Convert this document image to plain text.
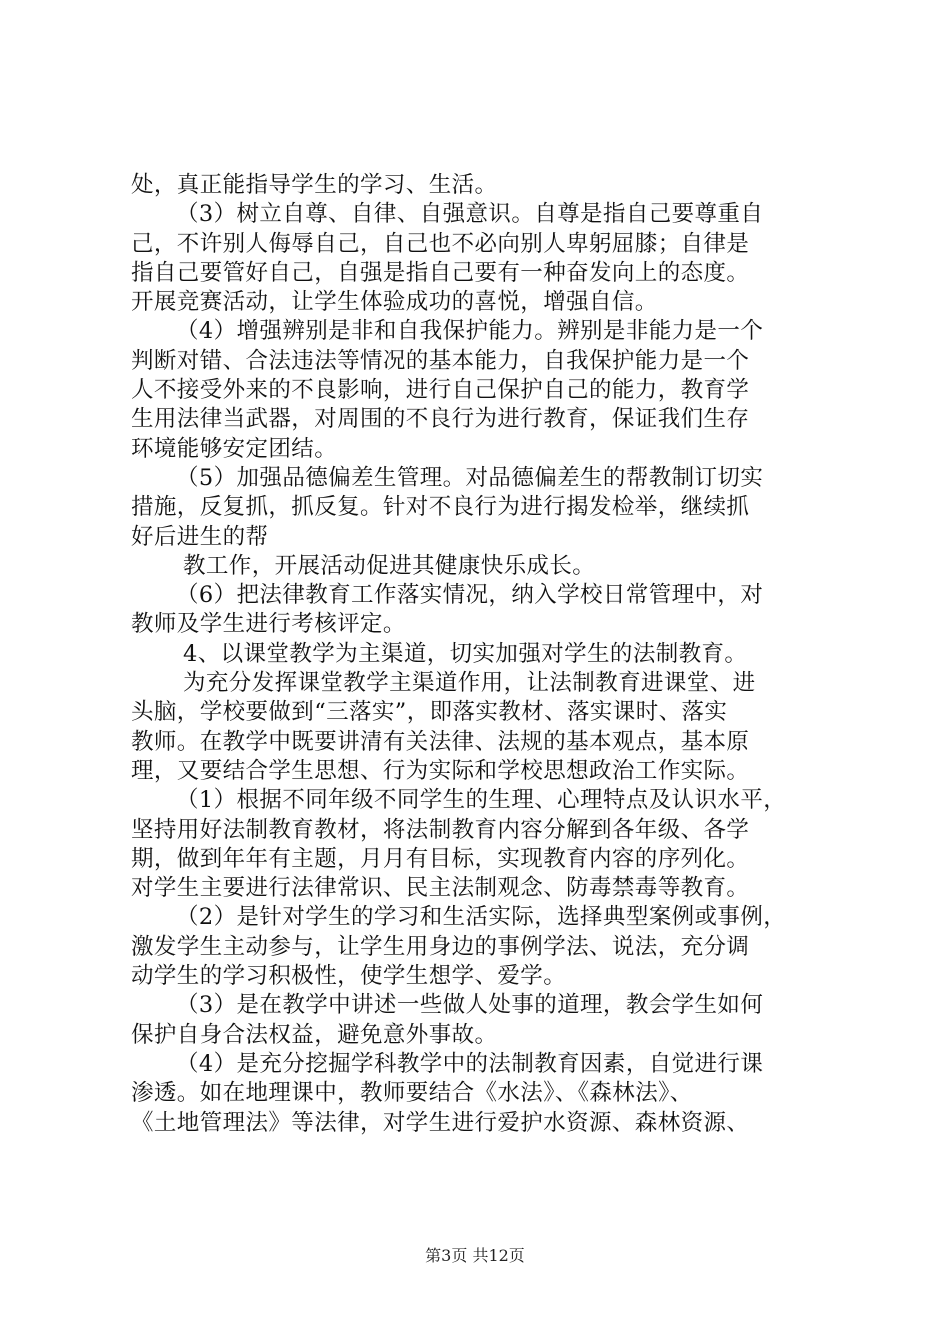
处，真正能指导学生的学习、生活。
（3）树立自尊、自律、自强意识。自尊是指自己要尊重自
己，不许别人侮辱自己，自己也不必向别人卑躬屈膝；自律是
指自己要管好自己，自强是指自己要有一种奋发向上的态度。
开展竞赛活动，让学生体验成功的喜悦，增强自信。
（4）增强辨别是非和自我保护能力。辨别是非能力是一个
判断对错、合法违法等情况的基本能力，自我保护能力是一个
人不接受外来的不良影响，进行自己保护自己的能力，教育学
生用法律当武器，对周围的不良行为进行教育，保证我们生存
环境能够安定团结。
（5）加强品德偏差生管理。对品德偏差生的帮教制订切实
措施，反复抓，抓反复。针对不良行为进行揭发检举，继续抓
好后进生的帮
教工作，开展活动促进其健康快乐成长。
（6）把法律教育工作落实情况，纳入学校日常管理中，对
教师及学生进行考核评定。
4、以课堂教学为主渠道，切实加强对学生的法制教育。
为充分发挥课堂教学主渠道作用，让法制教育进课堂、进
头脑，学校要做到“三落实”，即落实教材、落实课时、落实
教师。在教学中既要讲清有关法律、法规的基本观点，基本原
理，又要结合学生思想、行为实际和学校思想政治工作实际。
（1）根据不同年级不同学生的生理、心理特点及认识水平，
坚持用好法制教育教材，将法制教育内容分解到各年级、各学
期，做到年年有主题，月月有目标，实现教育内容的序列化。
对学生主要进行法律常识、民主法制观念、防毒禁毒等教育。
（2）是针对学生的学习和生活实际，选择典型案例或事例，
激发学生主动参与，让学生用身边的事例学法、说法，充分调
动学生的学习积极性，使学生想学、爱学。
（3）是在教学中讲述一些做人处事的道理，教会学生如何
保护自身合法权益，避免意外事故。
（4）是充分挖掘学科教学中的法制教育因素，自觉进行课
渗透。如在地理课中，教师要结合《水法》、《森林法》、
《土地管理法》等法律，对学生进行爱护水资源、森林资源、
第3页 共12页
